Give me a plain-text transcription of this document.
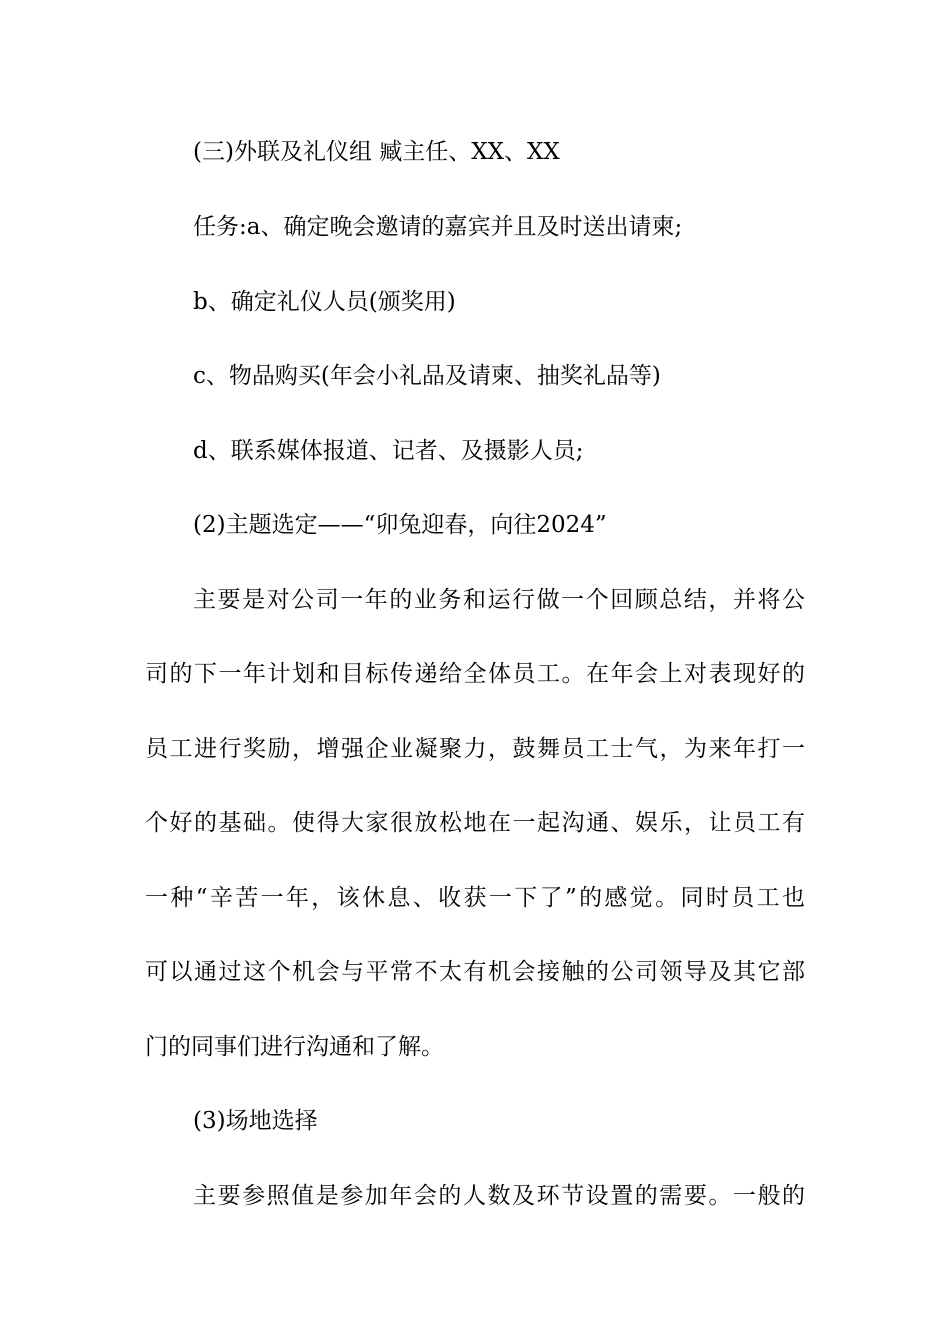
(三)外联及礼仪组 臧主任、XX、XX
任务:a、确定晚会邀请的嘉宾并且及时送出请柬;
b、确定礼仪人员(颁奖用)
c、物品购买(年会小礼品及请柬、抽奖礼品等)
d、联系媒体报道、记者、及摄影人员;
(2)主题选定——“卯兔迎春，向往2024”
主要是对公司一年的业务和运行做一个回顾总结，并将公
司的下一年计划和目标传递给全体员工。在年会上对表现好的
员工进行奖励，增强企业凝聚力，鼓舞员工士气，为来年打一
个好的基础。使得大家很放松地在一起沟通、娱乐，让员工有
一种“辛苦一年，该休息、收获一下了”的感觉。同时员工也
可以通过这个机会与平常不太有机会接触的公司领导及其它部
门的同事们进行沟通和了解。
(3)场地选择
主要参照值是参加年会的人数及环节设置的需要。一般的
